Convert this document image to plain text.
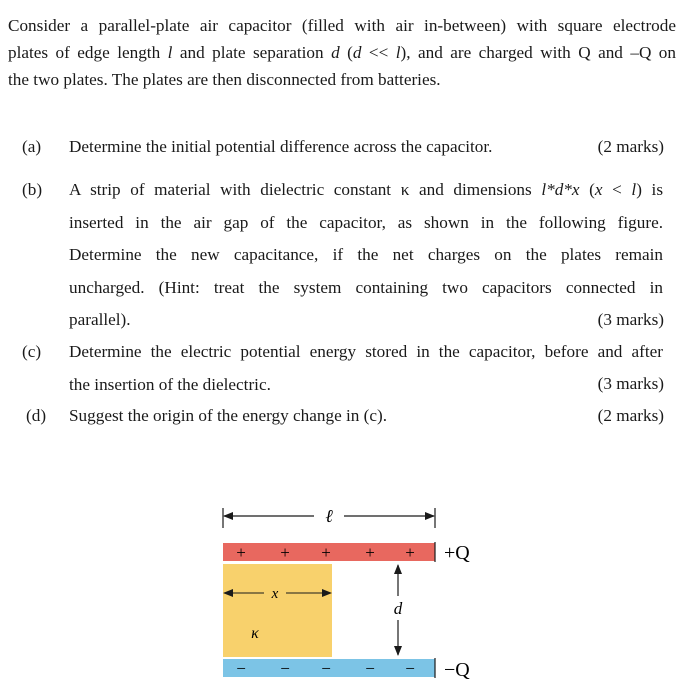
Consider a parallel-plate air capacitor (filled with air in-between) with square electrode

plates of edge length l and plate separation d (d << l), and are charged with Q and –Q on

the two plates. The plates are then disconnected from batteries.

(a) Determine the initial potential difference across the capacitor.	(2 marks)
(b) A strip of material with dielectric constant κ and dimensions l*d*x (x < l) is
inserted in the air gap of the capacitor, as shown in the following figure.
Determine the new capacitance, if the net charges on the plates remain
uncharged. (Hint: treat the system containing two capacitors connected in
parallel).	(3 marks)
(c) Determine the electric potential energy stored in the capacitor, before and after
the insertion of the dielectric.	(3 marks)
(d) Suggest the origin of the energy change in (c).	(2 marks)
ℓ
+ + + + + +Q
x
κ
d
− − − − − −Q
